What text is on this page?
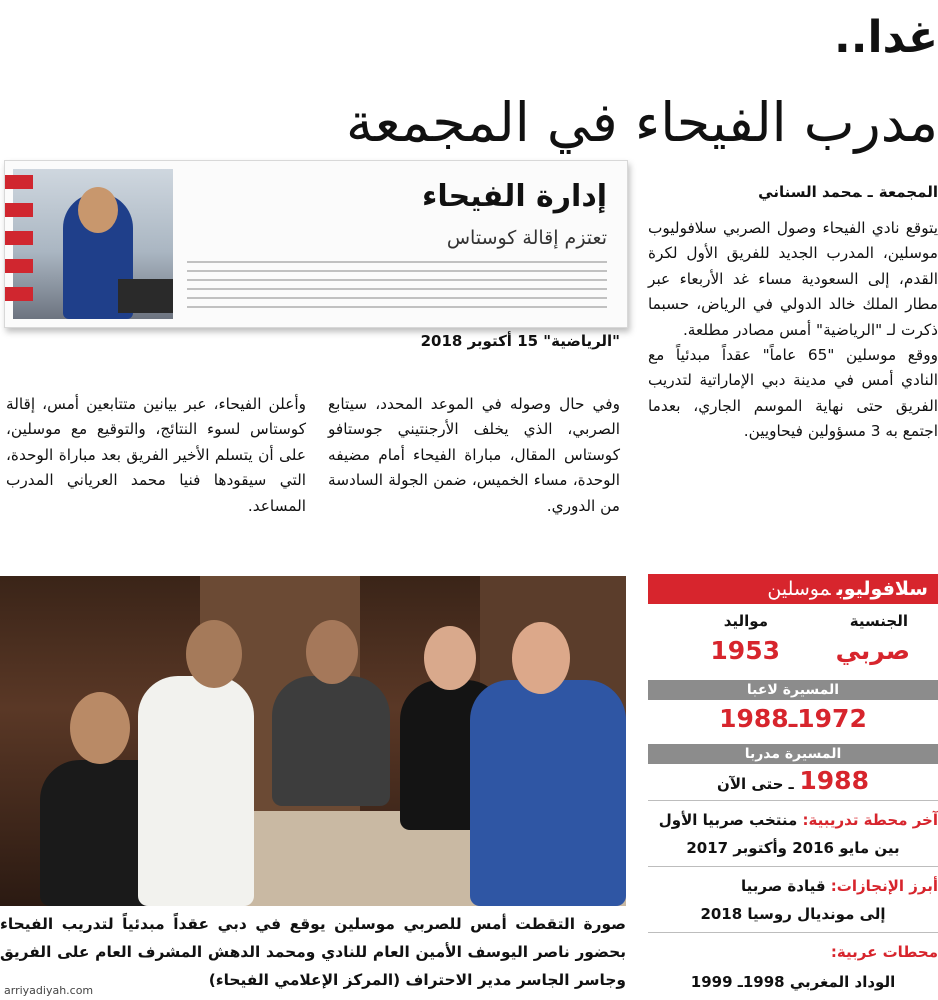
غدا..
مدرب الفيحاء في المجمعة
المجمعةـمحمد السناني

يتوقع نادي الفيحاء وصول الصربي سلافوليوب موسلين، المدرب الجديد للفريق الأول لكرة القدم، إلى السعودية مساء غد الأربعاء عبر مطار الملك خالد الدولي في الرياض، حسبما ذكرت لـ "الرياضية" أمس مصادر مطلعة.

ووقع موسلين "65 عاماً" عقداً مبدئياً مع النادي أمس في مدينة دبي الإماراتية لتدريب الفريق حتى نهاية الموسم الجاري، بعدما اجتمع به 3 مسؤولين فيحاويين.

وفي حال وصوله في الموعد المحدد، سيتابع الصربي، الذي يخلف الأرجنتيني جوستافو كوستاس المقال، مباراة الفيحاء أمام مضيفه الوحدة، مساء الخميس، ضمن الجولة السادسة من الدوري.

وأعلن الفيحاء، عبر بيانين متتابعين أمس، إقالة كوستاس لسوء النتائج، والتوقيع مع موسلين، على أن يتسلم الأخير الفريق بعد مباراة الوحدة، التي سيقودها فنيا محمد العرياني المدرب المساعد.

إدارة الفيحاء
تعتزم إقالة كوستاس
"الرياضية" 15 أكتوبر 2018
صورة التقطت أمس للصربي موسلين يوقع في دبي عقداً مبدئياً لتدريب الفيحاء بحضور ناصر اليوسف الأمين العام للنادي ومحمد الدهش المشرف العام على الفريق وجاسر الجاسر مدير الاحتراف (المركز الإعلامي الفيحاء)
arriyadiyah.com
سلافوليوبموسلين
الجنسية
صربي
مواليد
1953
المسيرة لاعبا
1972ـ1988
المسيرة مدربا
1988 ـ حتى الآن
آخر محطة تدريبية: منتخب صربيا الأول
بين مايو 2016 وأكتوبر 2017
أبرز الإنجازات: قيادة صربيا
إلى مونديال روسيا 2018
محطات عربية:
الوداد المغربي 1998ـ 1999
